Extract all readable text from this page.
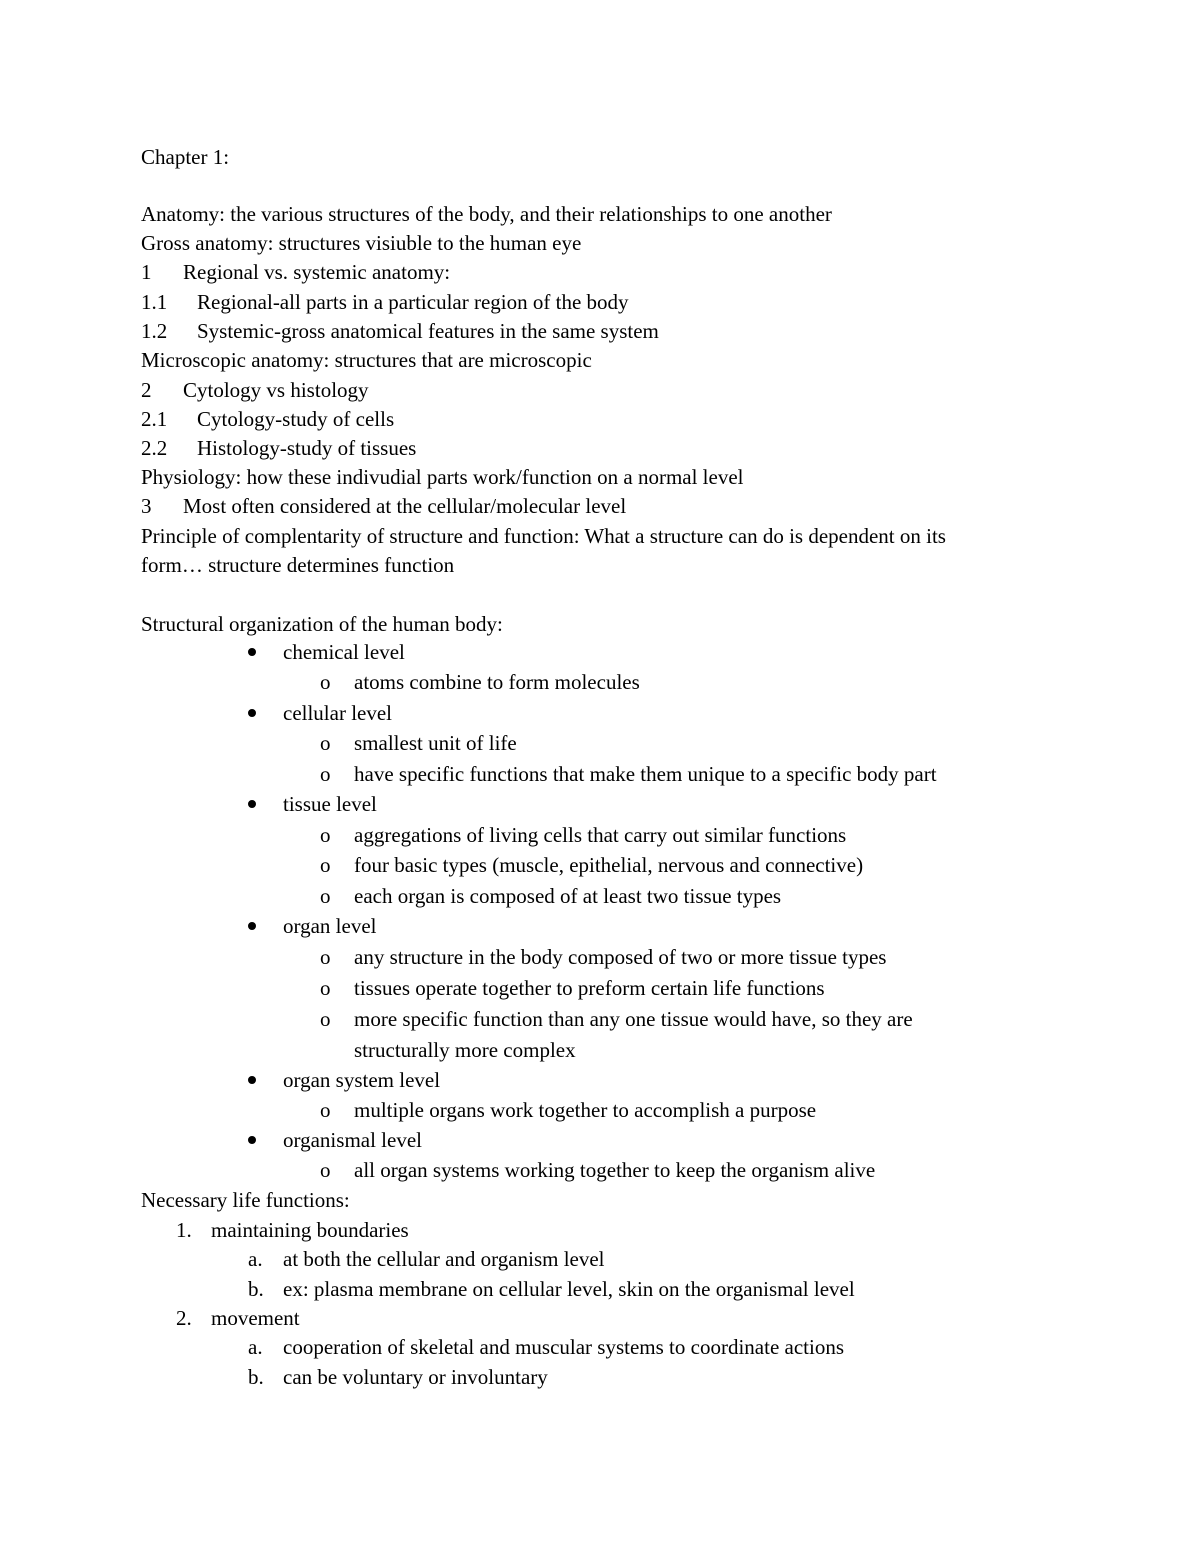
Chapter 1:
Anatomy: the various structures of the body, and their relationships to one another
Gross anatomy: structures visiuble to the human eye
1 Regional vs. systemic anatomy:
1.1 Regional-all parts in a particular region of the body
1.2 Systemic-gross anatomical features in the same system
Microscopic anatomy: structures that are microscopic
2 Cytology vs histology
2.1 Cytology-study of cells
2.2 Histology-study of tissues
Physiology: how these indivudial parts work/function on a normal level
3 Most often considered at the cellular/molecular level
Principle of complentarity of structure and function: What a structure can do is dependent on its
form… structure determines function
Structural organization of the human body:
chemical level
o atoms combine to form molecules
cellular level
o smallest unit of life
o have specific functions that make them unique to a specific body part
tissue level
o aggregations of living cells that carry out similar functions
o four basic types (muscle, epithelial, nervous and connective)
o each organ is composed of at least two tissue types
organ level
o any structure in the body composed of two or more tissue types
o tissues operate together to preform certain life functions
o more specific function than any one tissue would have, so they are
structurally more complex
organ system level
o multiple organs work together to accomplish a purpose
organismal level
o all organ systems working together to keep the organism alive
Necessary life functions:
1. maintaining boundaries
a. at both the cellular and organism level
b. ex: plasma membrane on cellular level, skin on the organismal level
2. movement
a. cooperation of skeletal and muscular systems to coordinate actions
b. can be voluntary or involuntary
